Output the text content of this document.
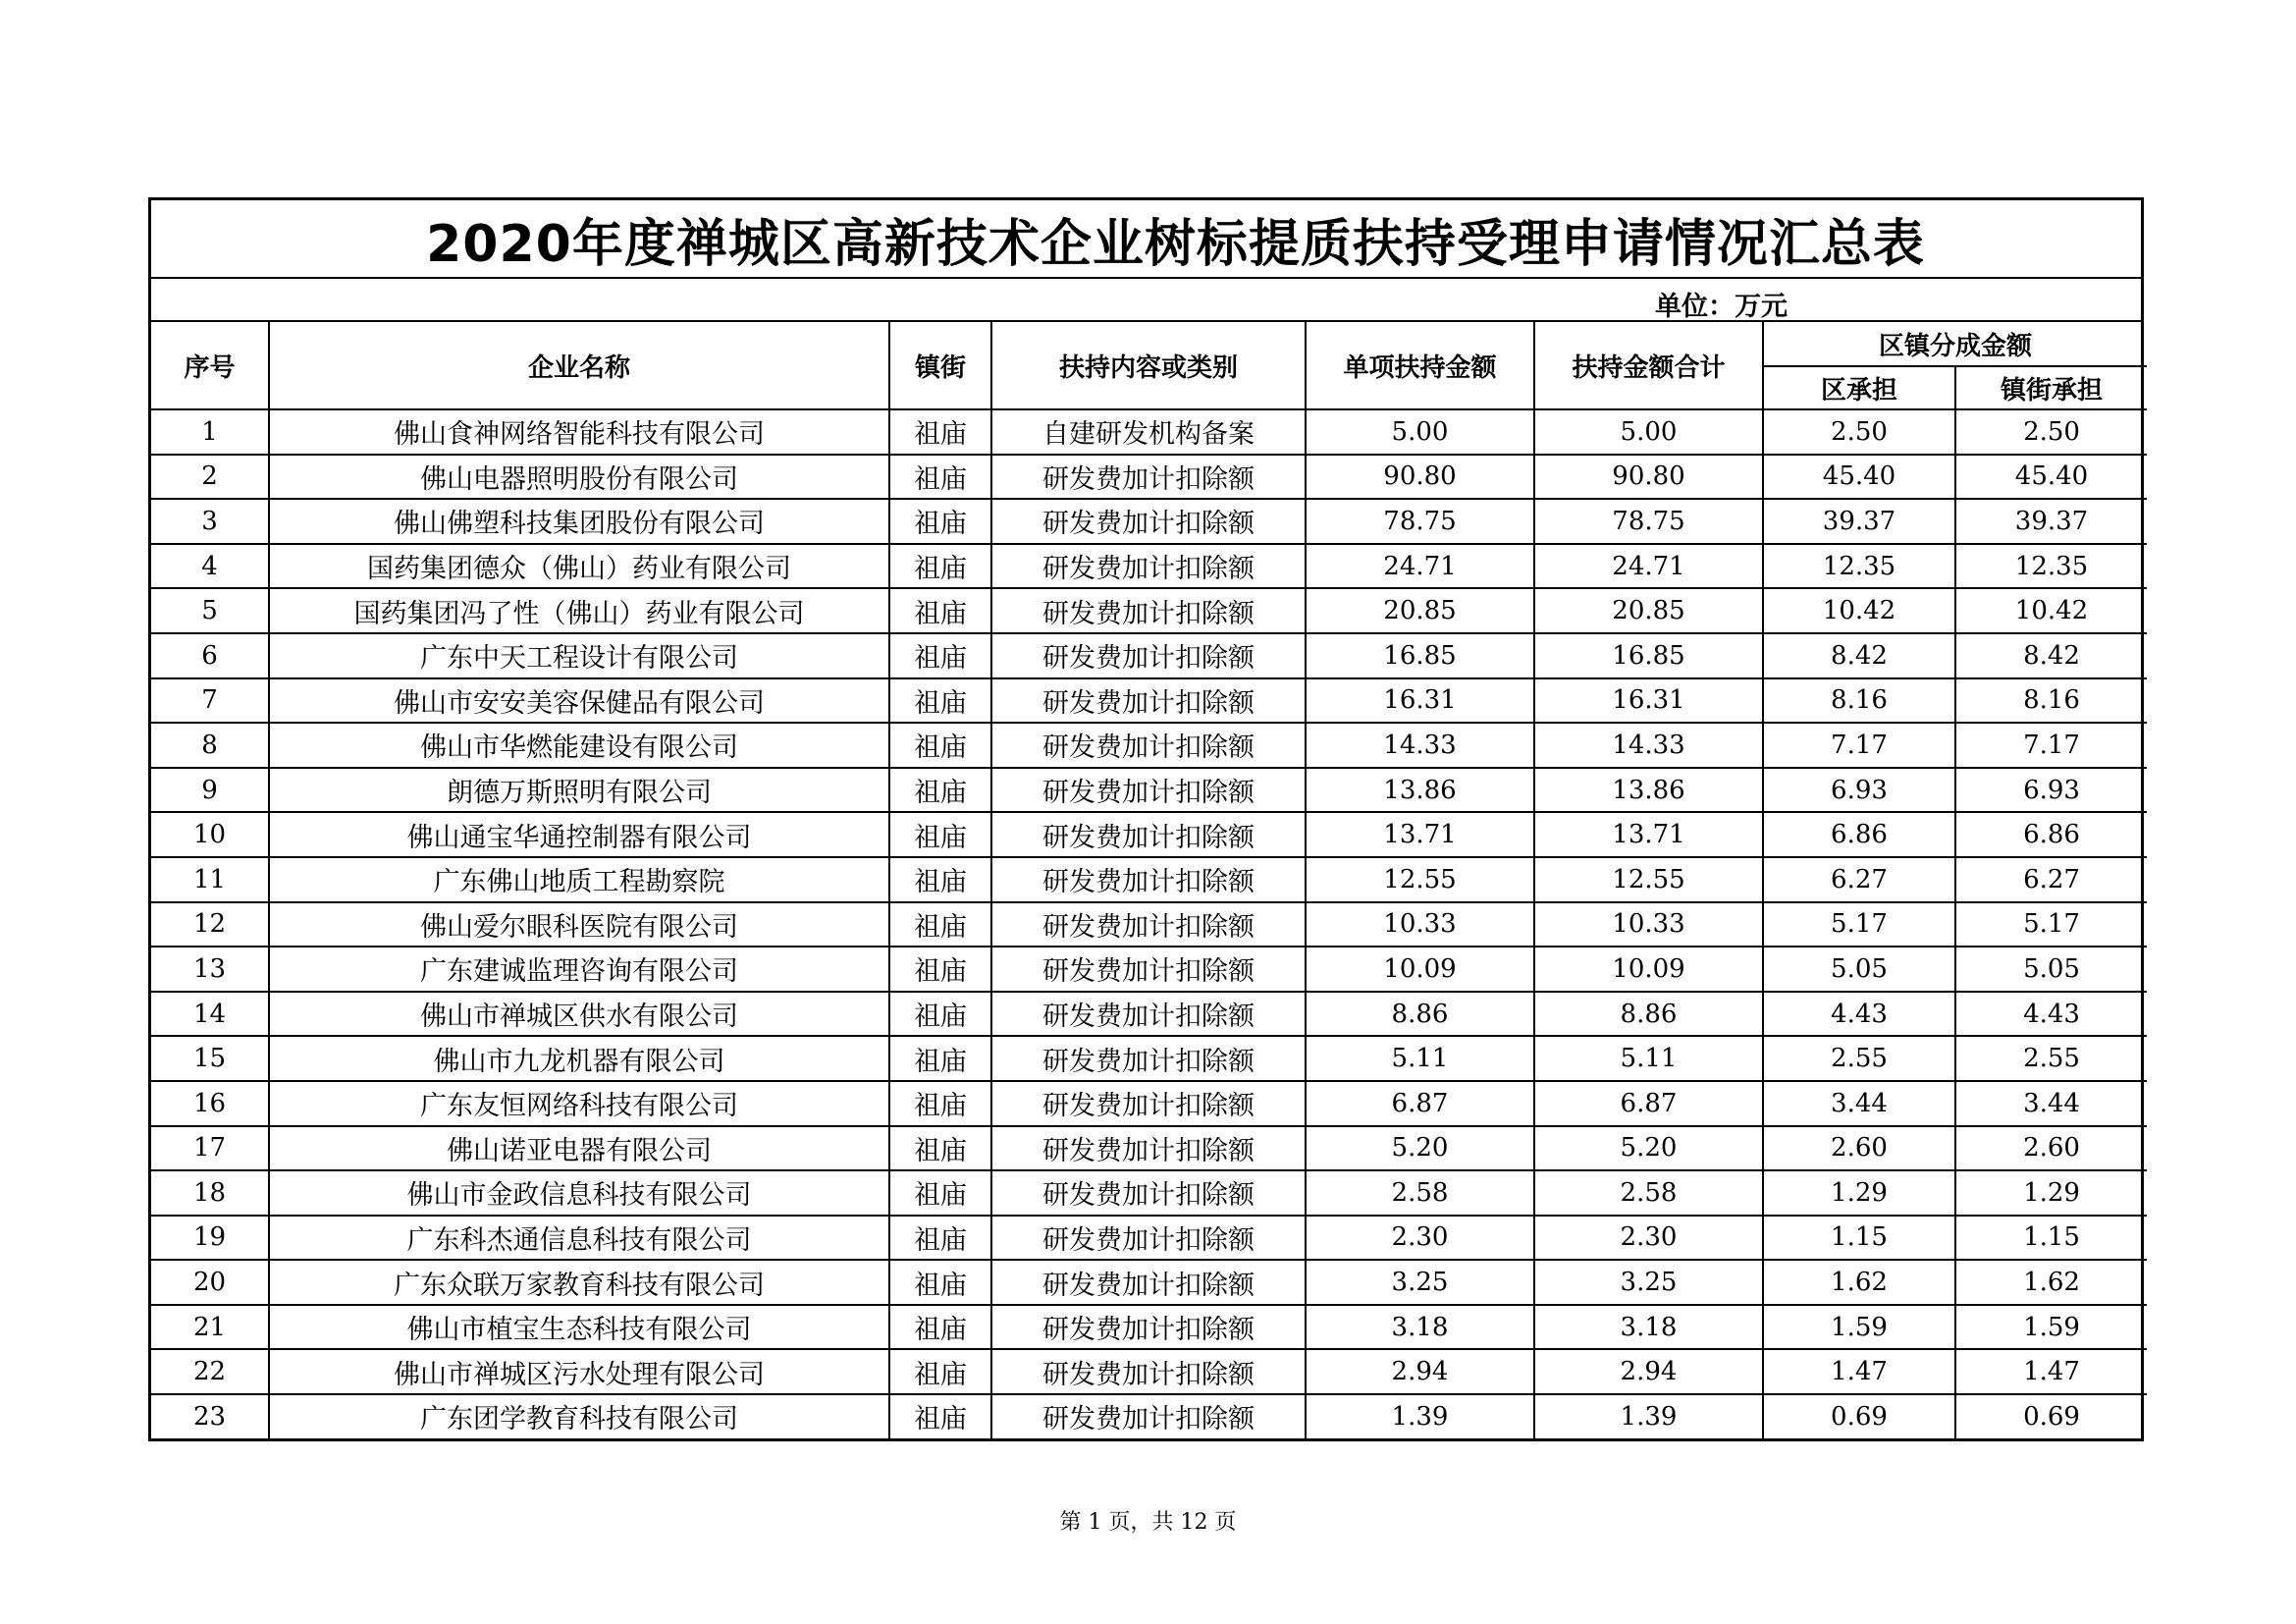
2020年度禅城区高新技术企业树标提质扶持受理申请情况汇总表
单位：万元
序号	企业名称	镇街	扶持内容或类别	单项扶持金额	扶持金额合计	区镇分成金额	
						区承担	镇街承担
1	佛山食神网络智能科技有限公司	祖庙	自建研发机构备案	5.00	5.00	2.50	2.50
2	佛山电器照明股份有限公司	祖庙	研发费加计扣除额	90.80	90.80	45.40	45.40
3	佛山佛塑科技集团股份有限公司	祖庙	研发费加计扣除额	78.75	78.75	39.37	39.37
4	国药集团德众（佛山）药业有限公司	祖庙	研发费加计扣除额	24.71	24.71	12.35	12.35
5	国药集团冯了性（佛山）药业有限公司	祖庙	研发费加计扣除额	20.85	20.85	10.42	10.42
6	广东中天工程设计有限公司	祖庙	研发费加计扣除额	16.85	16.85	8.42	8.42
7	佛山市安安美容保健品有限公司	祖庙	研发费加计扣除额	16.31	16.31	8.16	8.16
8	佛山市华燃能建设有限公司	祖庙	研发费加计扣除额	14.33	14.33	7.17	7.17
9	朗德万斯照明有限公司	祖庙	研发费加计扣除额	13.86	13.86	6.93	6.93
10	佛山通宝华通控制器有限公司	祖庙	研发费加计扣除额	13.71	13.71	6.86	6.86
11	广东佛山地质工程勘察院	祖庙	研发费加计扣除额	12.55	12.55	6.27	6.27
12	佛山爱尔眼科医院有限公司	祖庙	研发费加计扣除额	10.33	10.33	5.17	5.17
13	广东建诚监理咨询有限公司	祖庙	研发费加计扣除额	10.09	10.09	5.05	5.05
14	佛山市禅城区供水有限公司	祖庙	研发费加计扣除额	8.86	8.86	4.43	4.43
15	佛山市九龙机器有限公司	祖庙	研发费加计扣除额	5.11	5.11	2.55	2.55
16	广东友恒网络科技有限公司	祖庙	研发费加计扣除额	6.87	6.87	3.44	3.44
17	佛山诺亚电器有限公司	祖庙	研发费加计扣除额	5.20	5.20	2.60	2.60
18	佛山市金政信息科技有限公司	祖庙	研发费加计扣除额	2.58	2.58	1.29	1.29
19	广东科杰通信息科技有限公司	祖庙	研发费加计扣除额	2.30	2.30	1.15	1.15
20	广东众联万家教育科技有限公司	祖庙	研发费加计扣除额	3.25	3.25	1.62	1.62
21	佛山市植宝生态科技有限公司	祖庙	研发费加计扣除额	3.18	3.18	1.59	1.59
22	佛山市禅城区污水处理有限公司	祖庙	研发费加计扣除额	2.94	2.94	1.47	1.47
23	广东团学教育科技有限公司	祖庙	研发费加计扣除额	1.39	1.39	0.69	0.69
第 1 页，共 12 页
